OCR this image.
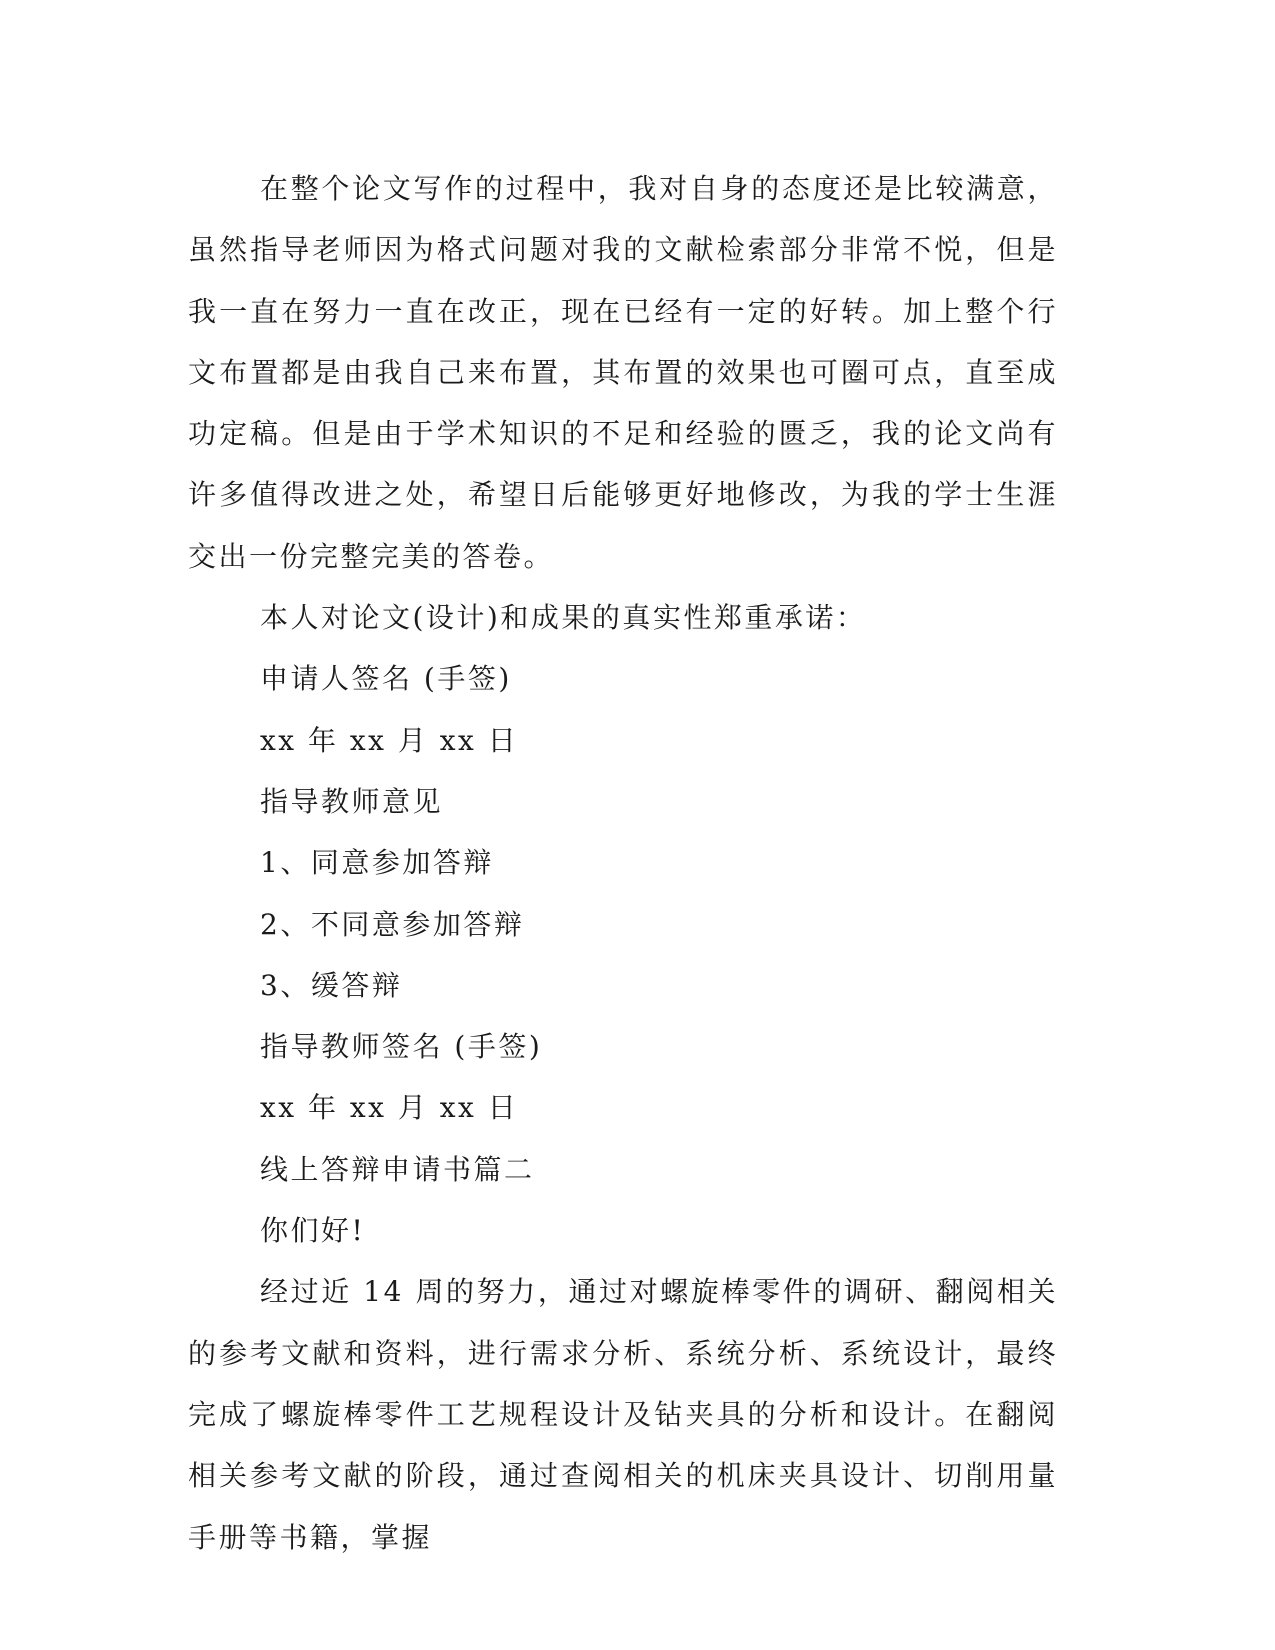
在整个论文写作的过程中，我对自身的态度还是比较满意，虽然指导老师因为格式问题对我的文献检索部分非常不悦，但是我一直在努力一直在改正，现在已经有一定的好转。加上整个行文布置都是由我自己来布置，其布置的效果也可圈可点，直至成功定稿。但是由于学术知识的不足和经验的匮乏，我的论文尚有许多值得改进之处，希望日后能够更好地修改，为我的学士生涯交出一份完整完美的答卷。

本人对论文(设计)和成果的真实性郑重承诺：

申请人签名 (手签)

xx 年 xx 月 xx 日

指导教师意见

1、同意参加答辩

2、不同意参加答辩

3、缓答辩

指导教师签名 (手签)

xx 年 xx 月 xx 日

线上答辩申请书篇二

你们好!

经过近 14 周的努力，通过对螺旋棒零件的调研、翻阅相关的参考文献和资料，进行需求分析、系统分析、系统设计，最终完成了螺旋棒零件工艺规程设计及钻夹具的分析和设计。在翻阅相关参考文献的阶段，通过查阅相关的机床夹具设计、切削用量手册等书籍，掌握
